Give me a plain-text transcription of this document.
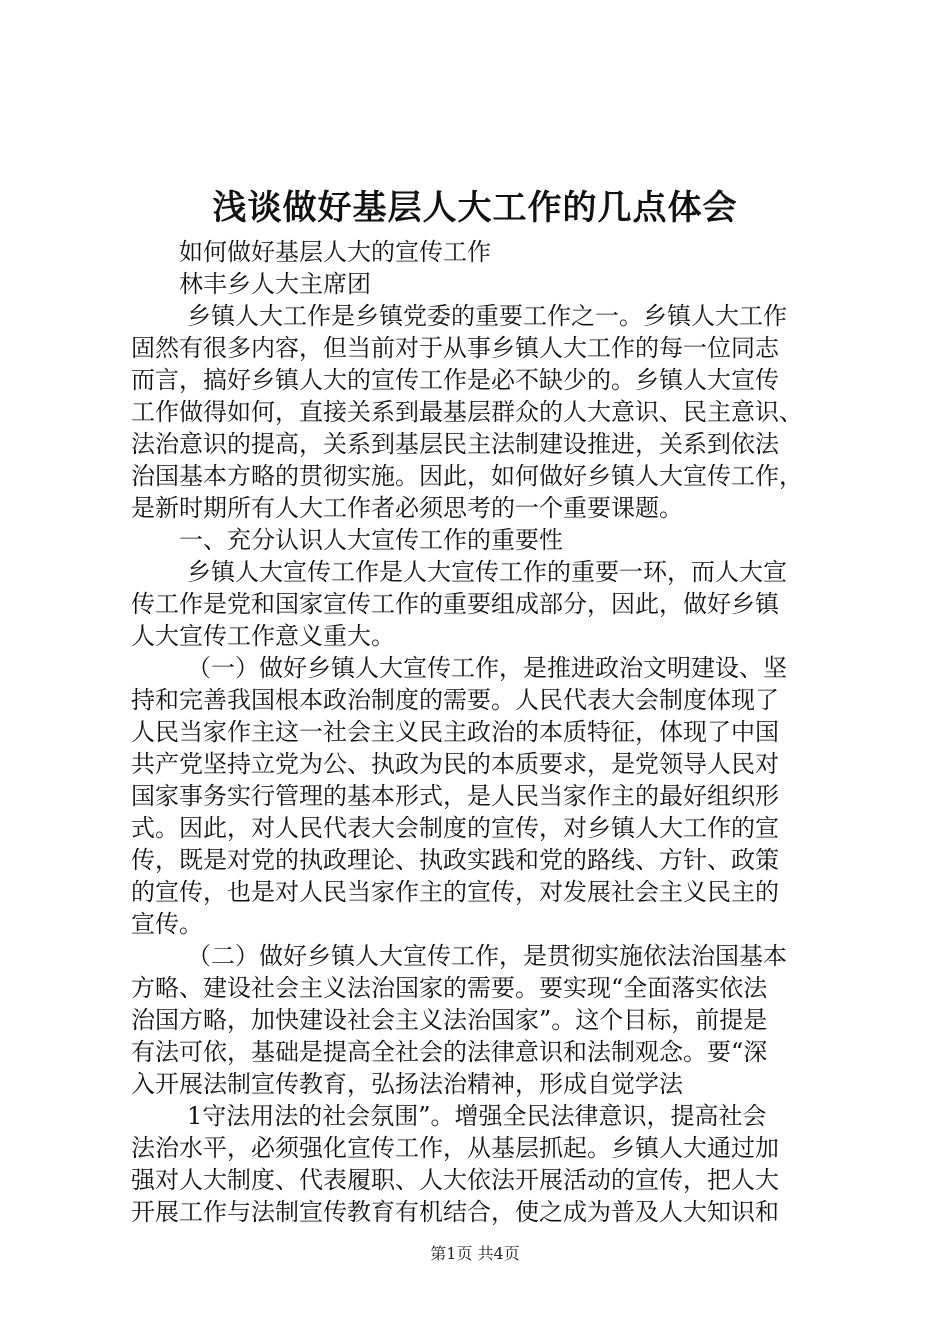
浅谈做好基层人大工作的几点体会
如何做好基层人大的宣传工作
林丰乡人大主席团
乡镇人大工作是乡镇党委的重要工作之一。乡镇人大工作
固然有很多内容，但当前对于从事乡镇人大工作的每一位同志
而言，搞好乡镇人大的宣传工作是必不缺少的。乡镇人大宣传
工作做得如何，直接关系到最基层群众的人大意识、民主意识、
法治意识的提高，关系到基层民主法制建设推进，关系到依法
治国基本方略的贯彻实施。因此，如何做好乡镇人大宣传工作，
是新时期所有人大工作者必须思考的一个重要课题。
一、充分认识人大宣传工作的重要性
乡镇人大宣传工作是人大宣传工作的重要一环，而人大宣
传工作是党和国家宣传工作的重要组成部分，因此，做好乡镇
人大宣传工作意义重大。
（一）做好乡镇人大宣传工作，是推进政治文明建设、坚
持和完善我国根本政治制度的需要。人民代表大会制度体现了
人民当家作主这一社会主义民主政治的本质特征，体现了中国
共产党坚持立党为公、执政为民的本质要求，是党领导人民对
国家事务实行管理的基本形式，是人民当家作主的最好组织形
式。因此，对人民代表大会制度的宣传，对乡镇人大工作的宣
传，既是对党的执政理论、执政实践和党的路线、方针、政策
的宣传，也是对人民当家作主的宣传，对发展社会主义民主的
宣传。
（二）做好乡镇人大宣传工作，是贯彻实施依法治国基本
方略、建设社会主义法治国家的需要。要实现“全面落实依法
治国方略，加快建设社会主义法治国家”。这个目标，前提是
有法可依，基础是提高全社会的法律意识和法制观念。要“深
入开展法制宣传教育，弘扬法治精神，形成自觉学法
1守法用法的社会氛围”。增强全民法律意识，提高社会
法治水平，必须强化宣传工作，从基层抓起。乡镇人大通过加
强对人大制度、代表履职、人大依法开展活动的宣传，把人大
开展工作与法制宣传教育有机结合，使之成为普及人大知识和
第1页 共4页
